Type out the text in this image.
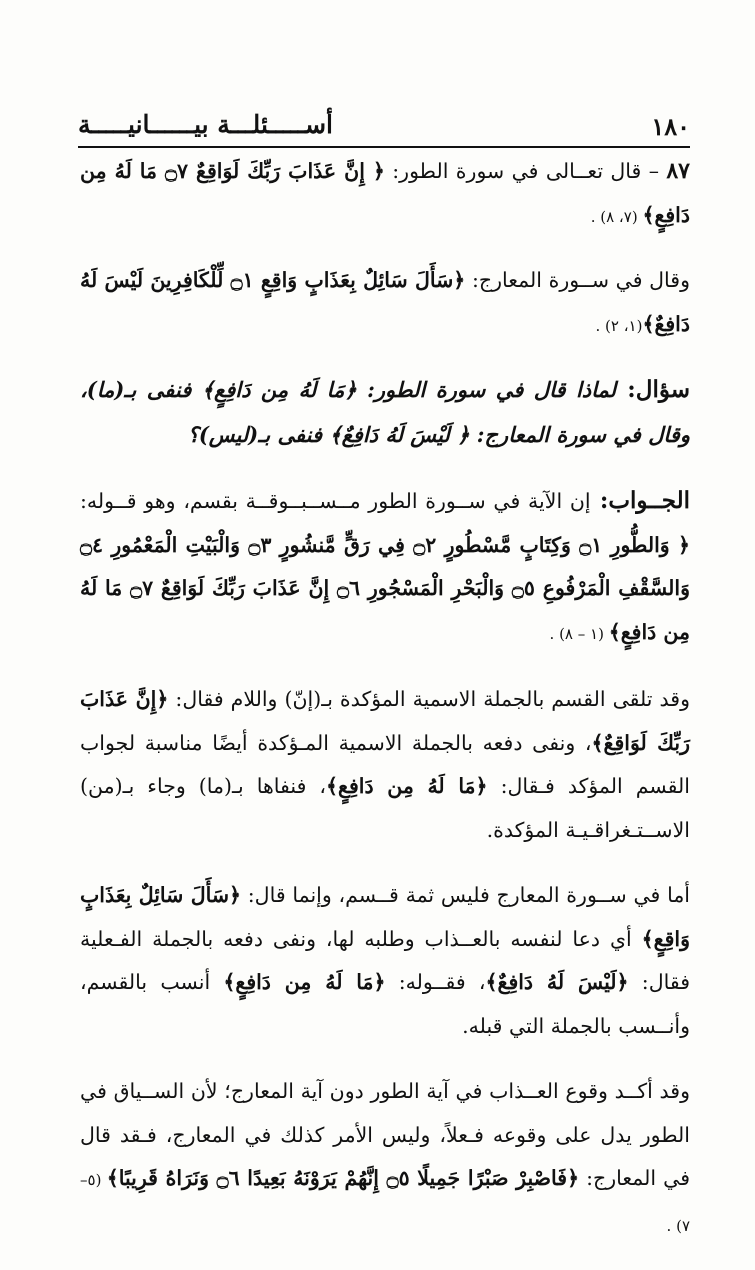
١٨٠
أســـــئلـــة بيــــــانيـــــة

٨٧ – قال تعــالى في سورة الطور: ﴿ إِنَّ عَذَابَ رَبِّكَ لَوَاقِعٌ ۝٧ مَا لَهُ مِن دَافِعٍ﴾ (٧، ٨) .

وقال في ســورة المعارج: ﴿سَأَلَ سَائِلٌ بِعَذَابٍ وَاقِعٍ ۝١ لِّلْكَافِرِينَ لَيْسَ لَهُ دَافِعٌ﴾(١، ٢) .

سؤال: لماذا قال في سورة الطور: ﴿مَا لَهُ مِن دَافِعٍ﴾ فنفى بـ(ما)، وقال في سورة المعارج: ﴿ لَيْسَ لَهُ دَافِعٌ﴾ فنفى بـ(ليس)؟

الجــواب: إن الآية في ســورة الطور مــســبــوقــة بقسم، وهو قــوله: ﴿ وَالطُّورِ ۝١ وَكِتَابٍ مَّسْطُورٍ ۝٢ فِي رَقٍّ مَّنشُورٍ ۝٣ وَالْبَيْتِ الْمَعْمُورِ ۝٤ وَالسَّقْفِ الْمَرْفُوعِ ۝٥ وَالْبَحْرِ الْمَسْجُورِ ۝٦ إِنَّ عَذَابَ رَبِّكَ لَوَاقِعٌ ۝٧ مَا لَهُ مِن دَافِعٍ﴾ (١ – ٨) .

وقد تلقى القسم بالجملة الاسمية المؤكدة بـ(إنّ) واللام فقال: ﴿إِنَّ عَذَابَ رَبِّكَ لَوَاقِعٌ﴾، ونفى دفعه بالجملة الاسمية المـؤكدة أيضًا مناسبة لجواب القسم المؤكد فـقال: ﴿مَا لَهُ مِن دَافِعٍ﴾، فنفاها بـ(ما) وجاء بـ(من) الاســتـغراقـيـة المؤكدة.

أما في ســورة المعارج فليس ثمة قــسم، وإنما قال: ﴿سَأَلَ سَائِلٌ بِعَذَابٍ وَاقِعٍ﴾ أي دعا لنفسه بالعــذاب وطلبه لها، ونفى دفعه بالجملة الفـعلية فقال: ﴿لَيْسَ لَهُ دَافِعٌ﴾، فقــوله: ﴿مَا لَهُ مِن دَافِعٍ﴾ أنسب بالقسم، وأنــسب بالجملة التي قبله.

وقد أكــد وقوع العــذاب في آية الطور دون آية المعارج؛ لأن الســياق في الطور يدل على وقوعه فـعلاً، وليس الأمر كذلك في المعارج، فـقد قال في المعارج: ﴿فَاصْبِرْ صَبْرًا جَمِيلًا ۝٥ إِنَّهُمْ يَرَوْنَهُ بَعِيدًا ۝٦ وَنَرَاهُ قَرِيبًا﴾ (٥– ٧) .
